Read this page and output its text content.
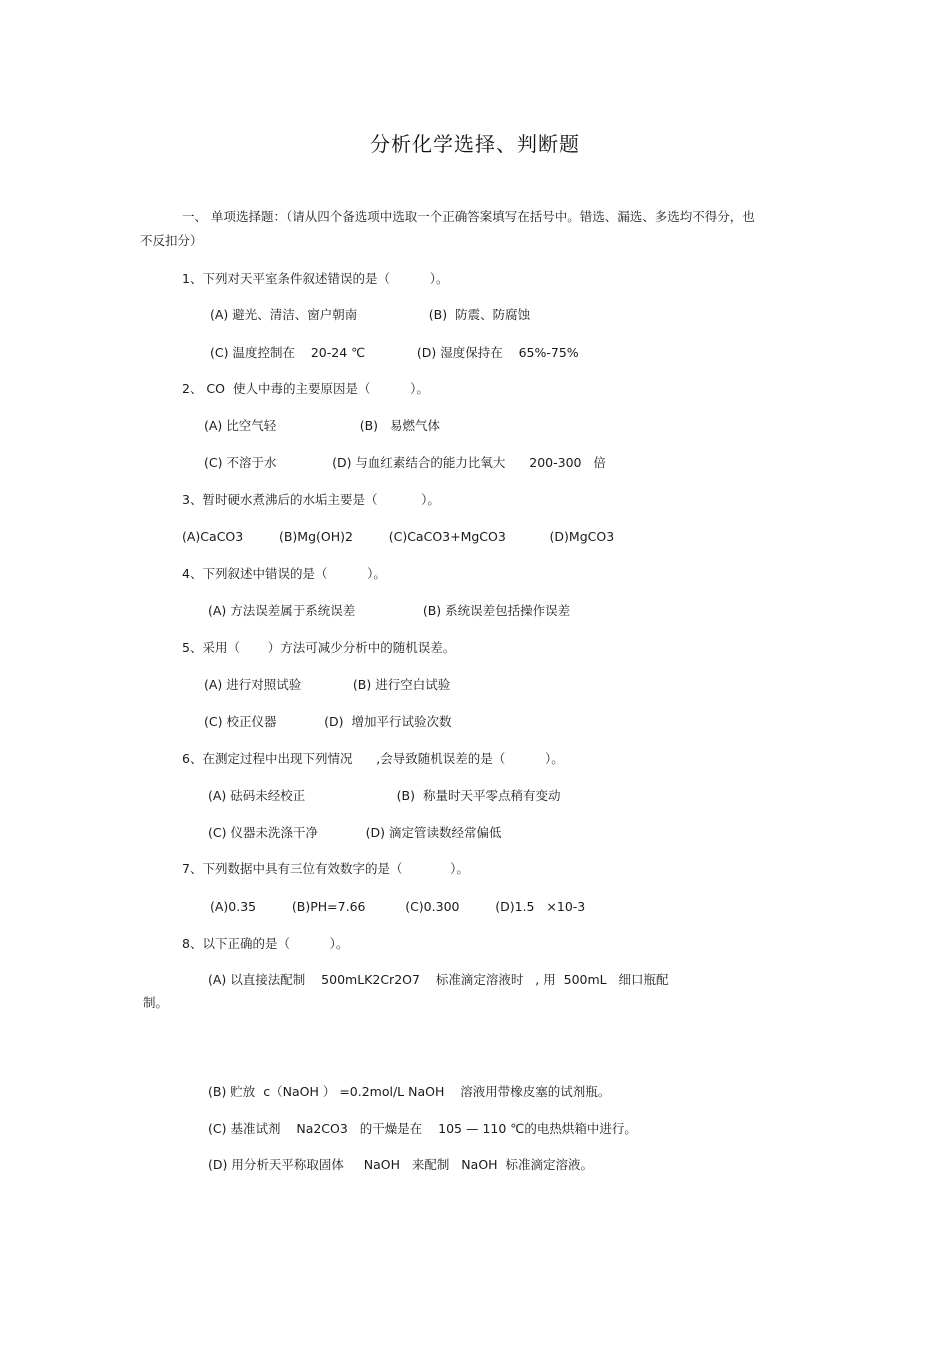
分析化学选择、判断题
一、 单项选择题：（请从四个备选项中选取一个正确答案填写在括号中。错选、漏选、多选均不得分，也不反扣分）
1、下列对天平室条件叙述错误的是（          ）。
(A) 避光、清洁、窗户朝南                  (B)  防震、防腐蚀
(C) 温度控制在    20-24 ℃             (D) 湿度保持在    65%-75%
2、 CO  使人中毒的主要原因是（          ）。
(A) 比空气轻                     (B)   易燃气体
(C) 不溶于水              (D) 与血红素结合的能力比氧大      200-300   倍
3、暂时硬水煮沸后的水垢主要是（           ）。
(A)CaCO3         (B)Mg(OH)2         (C)CaCO3+MgCO3           (D)MgCO3
4、下列叙述中错误的是（          ）。
(A) 方法误差属于系统误差                 (B) 系统误差包括操作误差
5、采用（       ）方法可减少分析中的随机误差。
(A) 进行对照试验             (B) 进行空白试验
(C) 校正仪器            (D)  增加平行试验次数
6、在测定过程中出现下列情况      ,会导致随机误差的是（          ）。
(A) 砝码未经校正                       (B)  称量时天平零点稍有变动
(C) 仪器未洗涤干净            (D) 滴定管读数经常偏低
7、下列数据中具有三位有效数字的是（            ）。
(A)0.35         (B)PH=7.66          (C)0.300         (D)1.5   ×10-3
8、以下正确的是（          ）。
(A) 以直接法配制    500mLK2Cr2O7    标准滴定溶液时   , 用  500mL   细口瓶配
制。
(B) 贮放  c（NaOH ） =0.2mol/L NaOH    溶液用带橡皮塞的试剂瓶。
(C) 基准试剂    Na2CO3   的干燥是在    105 — 110 ℃的电热烘箱中进行。
(D) 用分析天平称取固体     NaOH   来配制   NaOH  标准滴定溶液。
